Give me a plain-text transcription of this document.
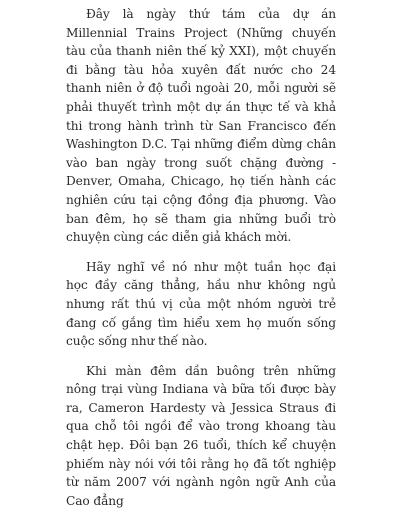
Đây là ngày thứ tám của dự án Millennial Trains Project (Những chuyến tàu của thanh niên thế kỷ XXI), một chuyến đi bằng tàu hỏa xuyên đất nước cho 24 thanh niên ở độ tuổi ngoài 20, mỗi người sẽ phải thuyết trình một dự án thực tế và khả thi trong hành trình từ San Francisco đến Washington D.C. Tại những điểm dừng chân vào ban ngày trong suốt chặng đường - Denver, Omaha, Chicago, họ tiến hành các nghiên cứu tại cộng đồng địa phương. Vào ban đêm, họ sẽ tham gia những buổi trò chuyện cùng các diễn giả khách mời.

Hãy nghĩ về nó như một tuần học đại học đầy căng thẳng, hầu như không ngủ nhưng rất thú vị của một nhóm người trẻ đang cố gắng tìm hiểu xem họ muốn sống cuộc sống như thế nào.

Khi màn đêm dần buông trên những nông trại vùng Indiana và bữa tối được bày ra, Cameron Hardesty và Jessica Straus đi qua chỗ tôi ngồi để vào trong khoang tàu chật hẹp. Đôi bạn 26 tuổi, thích kể chuyện phiếm này nói với tôi rằng họ đã tốt nghiệp từ năm 2007 với ngành ngôn ngữ Anh của Cao đẳng
